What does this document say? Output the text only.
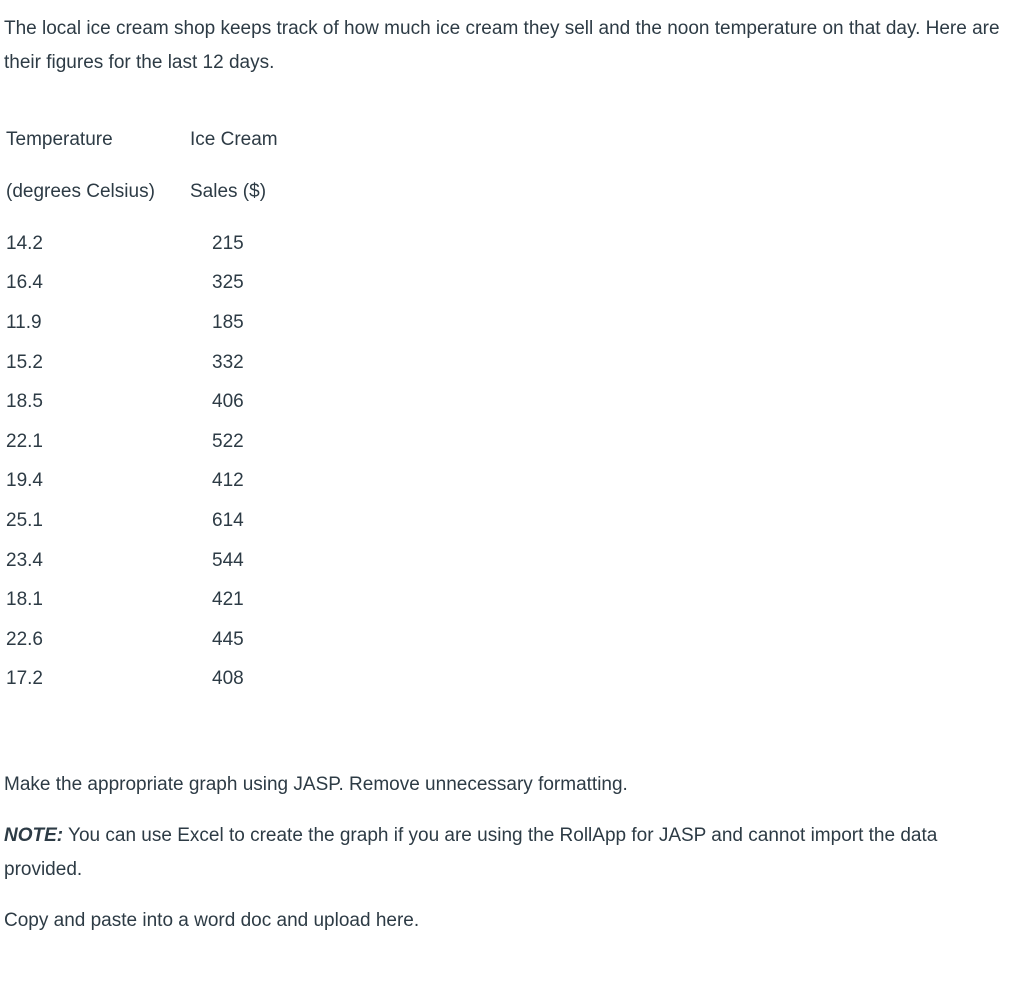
The local ice cream shop keeps track of how much ice cream they sell and the noon temperature on that day. Here are their figures for the last 12 days.

Temperature	Ice Cream
(degrees Celsius)	Sales ($)

14.2	215
16.4	325
11.9	185
15.2	332
18.5	406
22.1	522
19.4	412
25.1	614
23.4	544
18.1	421
22.6	445
17.2	408

Make the appropriate graph using JASP. Remove unnecessary formatting.

NOTE: You can use Excel to create the graph if you are using the RollApp for JASP and cannot import the data provided.

Copy and paste into a word doc and upload here.
